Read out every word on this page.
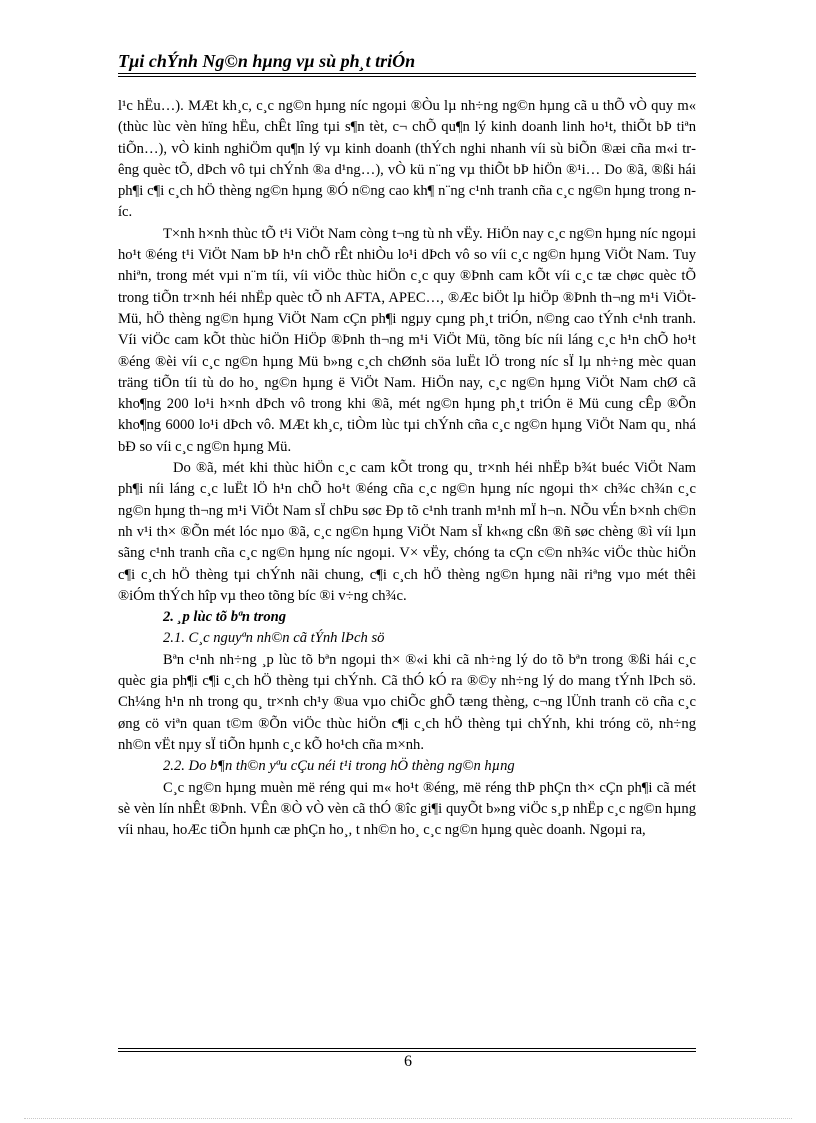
Tµi chÝnh Ng©n hµng vµ sù ph¸t triÓn

l¹c hËu…). MÆt kh¸c, c¸c ng©n hµng níc ngoµi ®Òu lµ nh÷ng ng©n hµng cã u thÕ vÒ quy m« (thùc lùc vèn hïng hËu, chÊt lîng tµi s¶n tèt, c¬ chÕ qu¶n lý kinh doanh linh ho¹t, thiÕt bÞ tiªn tiÕn…), vÒ kinh nghiÖm qu¶n lý vµ kinh doanh (thÝch nghi nhanh víi sù biÕn ®æi cña m«i trêng quèc tÕ, dÞch vô tµi chÝnh ®a d¹ng…), vÒ kü n¨ng vµ thiÕt bÞ hiÖn ®¹i… Do ®ã, ®ßi hái ph¶i c¶i c¸ch hÖ thèng ng©n hµng ®Ó n©ng cao kh¶ n¨ng c¹nh tranh cña c¸c ng©n hµng trong níc.

T×nh h×nh thùc tÕ t¹i ViÖt Nam còng t¬ng tù nh vËy. HiÖn nay c¸c ng©n hµng níc ngoµi ho¹t ®éng t¹i ViÖt Nam bÞ h¹n chÕ rÊt nhiÒu lo¹i dÞch vô so víi c¸c ng©n hµng ViÖt Nam. Tuy nhiªn, trong mét vµi n¨m tíi, víi viÖc thùc hiÖn c¸c quy ®Þnh cam kÕt víi c¸c tæ chøc quèc tÕ trong tiÕn tr×nh héi nhËp quèc tÕ nh AFTA, APEC…, ®Æc biÖt lµ hiÖp ®Þnh th¬ng m¹i ViÖt-Mü, hÖ thèng ng©n hµng ViÖt Nam cÇn ph¶i ngµy cµng ph¸t triÓn, n©ng cao tÝnh c¹nh tranh. Víi viÖc cam kÕt thùc hiÖn HiÖp ®Þnh th¬ng m¹i ViÖt Mü, tõng bíc níi láng c¸c h¹n chÕ ho¹t ®éng ®èi víi c¸c ng©n hµng Mü b»ng c¸ch chØnh söa luËt lÖ trong níc sÏ lµ nh÷ng mèc quan träng tiÕn tíi tù do ho¸ ng©n hµng ë ViÖt Nam. HiÖn nay, c¸c ng©n hµng ViÖt Nam chØ cã kho¶ng 200 lo¹i h×nh dÞch vô trong khi ®ã, mét ng©n hµng ph¸t triÓn ë Mü cung cÊp ®Õn kho¶ng 6000 lo¹i dÞch vô. MÆt kh¸c, tiÒm lùc tµi chÝnh cña c¸c ng©n hµng ViÖt Nam qu¸ nhá bÐ so víi c¸c ng©n hµng Mü.

Do ®ã, mét khi thùc hiÖn c¸c cam kÕt trong qu¸ tr×nh héi nhËp b¾t buéc ViÖt Nam ph¶i níi láng c¸c luËt lÖ h¹n chÕ ho¹t ®éng cña c¸c ng©n hµng níc ngoµi th× ch¾c ch¾n c¸c ng©n hµng th¬ng m¹i ViÖt Nam sÏ chÞu søc Ðp tõ c¹nh tranh m¹nh mÏ h¬n. NÕu vÉn b×nh ch©n nh v¹i th× ®Õn mét lóc nµo ®ã, c¸c ng©n hµng ViÖt Nam sÏ kh«ng cßn ®ñ søc chèng ®ì víi lµn sãng c¹nh tranh cña c¸c ng©n hµng níc ngoµi. V× vËy, chóng ta cÇn c©n nh¾c viÖc thùc hiÖn c¶i c¸ch hÖ thèng tµi chÝnh nãi chung, c¶i c¸ch hÖ thèng ng©n hµng nãi riªng vµo mét thêi ®iÓm thÝch hîp vµ theo tõng bíc ®i v÷ng ch¾c.

2. ¸p lùc tõ bªn trong

2.1. C¸c nguyªn nh©n cã tÝnh lÞch sö

Bªn c¹nh nh÷ng ¸p lùc tõ bªn ngoµi th× ®«i khi cã nh÷ng lý do tõ bªn trong ®ßi hái c¸c quèc gia ph¶i c¶i c¸ch hÖ thèng tµi chÝnh. Cã thÓ kÓ ra ®©y nh÷ng lý do mang tÝnh lÞch sö. Ch¼ng h¹n nh trong qu¸ tr×nh ch¹y ®ua vµo chiÕc ghÕ tæng thèng, c¬ng lÜnh tranh cö cña c¸c øng cö viªn quan t©m ®Õn viÖc thùc hiÖn c¶i c¸ch hÖ thèng tµi chÝnh, khi tróng cö, nh÷ng nh©n vËt nµy sÏ tiÕn hµnh c¸c kÕ ho¹ch cña m×nh.

2.2. Do b¶n th©n yªu cÇu néi t¹i trong hÖ thèng ng©n hµng

C¸c ng©n hµng muèn më réng qui m« ho¹t ®éng, më réng thÞ phÇn th× cÇn ph¶i cã mét sè vèn lín nhÊt ®Þnh. VÊn ®Ò vÒ vèn cã thÓ ®îc gi¶i quyÕt b»ng viÖc s¸p nhËp c¸c ng©n hµng víi nhau, hoÆc tiÕn hµnh cæ phÇn ho¸, t nh©n ho¸ c¸c ng©n hµng quèc doanh. Ngoµi ra,

6
